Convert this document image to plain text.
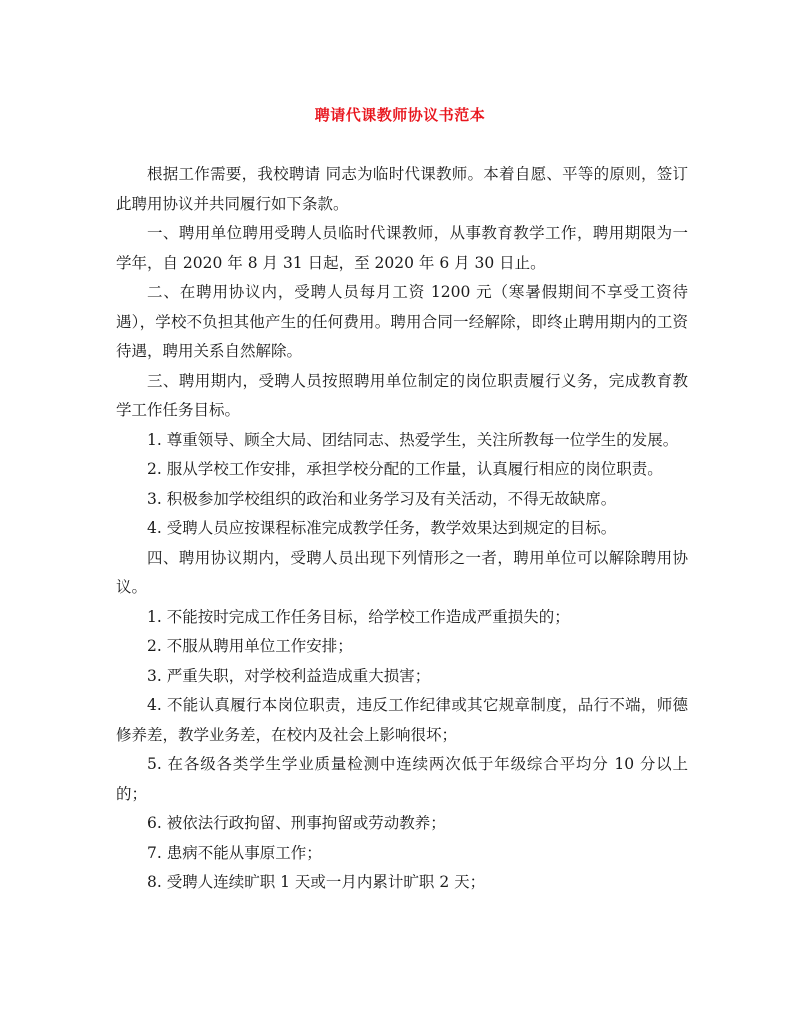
聘请代课教师协议书范本

根据工作需要，我校聘请 同志为临时代课教师。本着自愿、平等的原则，签订此聘用协议并共同履行如下条款。

一、聘用单位聘用受聘人员临时代课教师，从事教育教学工作，聘用期限为一学年，自 2020 年 8 月 31 日起，至 2020 年 6 月 30 日止。

二、在聘用协议内，受聘人员每月工资 1200 元（寒暑假期间不享受工资待遇），学校不负担其他产生的任何费用。聘用合同一经解除，即终止聘用期内的工资待遇，聘用关系自然解除。

三、聘用期内，受聘人员按照聘用单位制定的岗位职责履行义务，完成教育教学工作任务目标。

1. 尊重领导、顾全大局、团结同志、热爱学生，关注所教每一位学生的发展。

2. 服从学校工作安排，承担学校分配的工作量，认真履行相应的岗位职责。

3. 积极参加学校组织的政治和业务学习及有关活动，不得无故缺席。

4. 受聘人员应按课程标准完成教学任务，教学效果达到规定的目标。

四、聘用协议期内，受聘人员出现下列情形之一者，聘用单位可以解除聘用协议。

1. 不能按时完成工作任务目标，给学校工作造成严重损失的；

2. 不服从聘用单位工作安排；

3. 严重失职，对学校利益造成重大损害；

4. 不能认真履行本岗位职责，违反工作纪律或其它规章制度，品行不端，师德修养差，教学业务差，在校内及社会上影响很坏；

5. 在各级各类学生学业质量检测中连续两次低于年级综合平均分 10 分以上的；

6. 被依法行政拘留、刑事拘留或劳动教养；

7. 患病不能从事原工作；

8. 受聘人连续旷职 1 天或一月内累计旷职 2 天；
